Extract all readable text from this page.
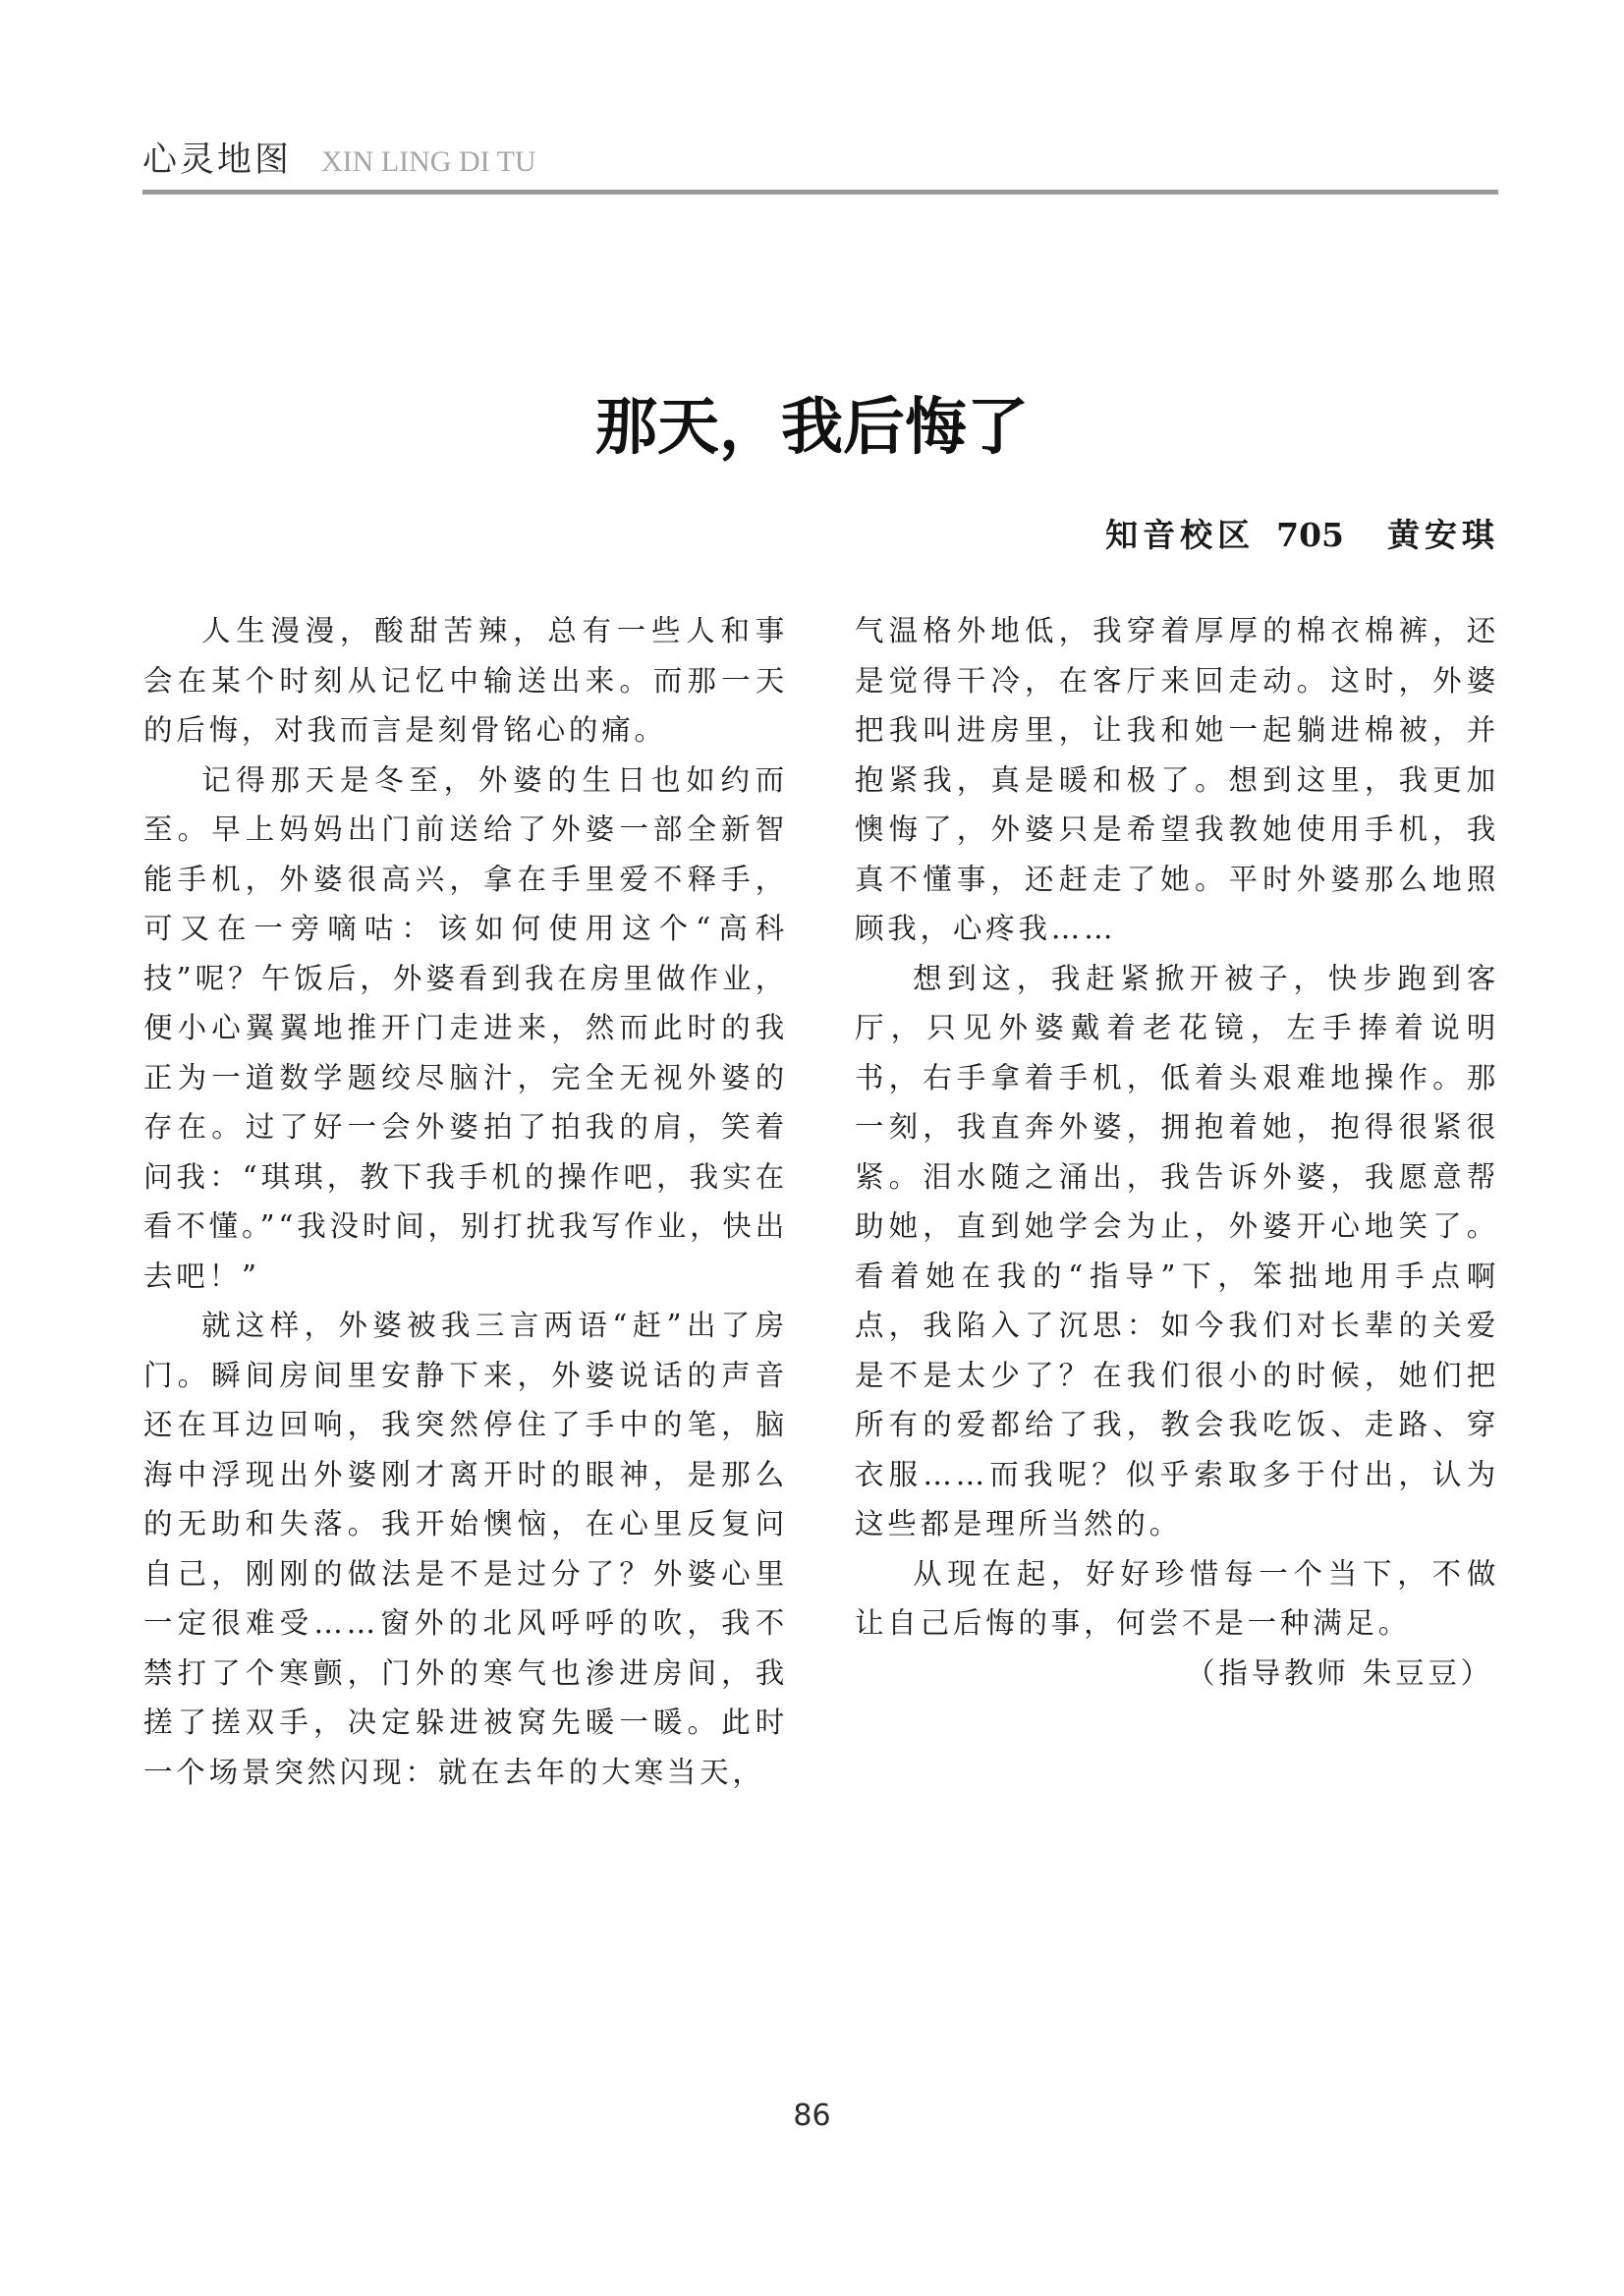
心灵地图 XIN LING DI TU
那天，我后悔了
知音校区 705 黄安琪

人生漫漫，酸甜苦辣，总有一些人和事会在某个时刻从记忆中输送出来。而那一天的后悔，对我而言是刻骨铭心的痛。

记得那天是冬至，外婆的生日也如约而至。早上妈妈出门前送给了外婆一部全新智能手机，外婆很高兴，拿在手里爱不释手，可又在一旁嘀咕：该如何使用这个“高科技”呢？午饭后，外婆看到我在房里做作业，便小心翼翼地推开门走进来，然而此时的我正为一道数学题绞尽脑汁，完全无视外婆的存在。过了好一会外婆拍了拍我的肩，笑着问我：“琪琪，教下我手机的操作吧，我实在看不懂。”“我没时间，别打扰我写作业，快出去吧！”

就这样，外婆被我三言两语“赶”出了房门。瞬间房间里安静下来，外婆说话的声音还在耳边回响，我突然停住了手中的笔，脑海中浮现出外婆刚才离开时的眼神，是那么的无助和失落。我开始懊恼，在心里反复问自己，刚刚的做法是不是过分了？外婆心里一定很难受……窗外的北风呼呼的吹，我不禁打了个寒颤，门外的寒气也渗进房间，我搓了搓双手，决定躲进被窝先暖一暖。此时一个场景突然闪现：就在去年的大寒当天，

气温格外地低，我穿着厚厚的棉衣棉裤，还是觉得干冷，在客厅来回走动。这时，外婆把我叫进房里，让我和她一起躺进棉被，并抱紧我，真是暖和极了。想到这里，我更加懊悔了，外婆只是希望我教她使用手机，我真不懂事，还赶走了她。平时外婆那么地照顾我，心疼我……

想到这，我赶紧掀开被子，快步跑到客厅，只见外婆戴着老花镜，左手捧着说明书，右手拿着手机，低着头艰难地操作。那一刻，我直奔外婆，拥抱着她，抱得很紧很紧。泪水随之涌出，我告诉外婆，我愿意帮助她，直到她学会为止，外婆开心地笑了。看着她在我的“指导”下，笨拙地用手点啊点，我陷入了沉思：如今我们对长辈的关爱是不是太少了？在我们很小的时候，她们把所有的爱都给了我，教会我吃饭、走路、穿衣服……而我呢？似乎索取多于付出，认为这些都是理所当然的。

从现在起，好好珍惜每一个当下，不做让自己后悔的事，何尝不是一种满足。

（指导教师 朱豆豆）

86
